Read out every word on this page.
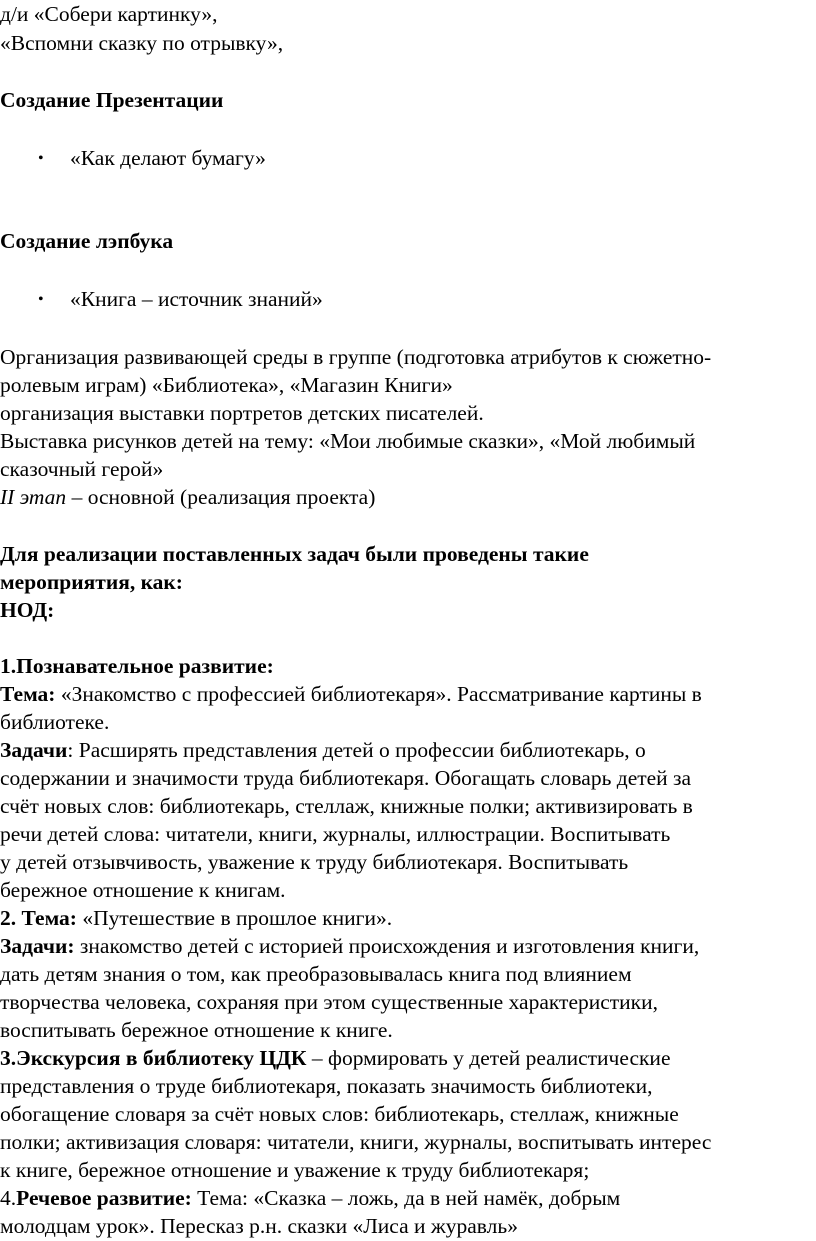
д/и «Собери картинку»,
«Вспомни сказку по отрывку»,
Создание Презентации
• «Как делают бумагу»
Создание лэпбука
• «Книга – источник знаний»
Организация развивающей среды в группе (подготовка атрибутов к сюжетно-
ролевым играм) «Библиотека», «Магазин Книги»
организация выставки портретов детских писателей.
Выставка рисунков детей на тему: «Мои любимые сказки», «Мой любимый
сказочный герой»
II этап – основной (реализация проекта)
Для реализации поставленных задач были проведены такие
мероприятия, как:
НОД:
1.Познавательное развитие:
Тема: «Знакомство с профессией библиотекаря». Рассматривание картины в
библиотеке.
Задачи: Расширять представления детей о профессии библиотекарь, о
содержании и значимости труда библиотекаря. Обогащать словарь детей за
счёт новых слов: библиотекарь, стеллаж, книжные полки; активизировать в
речи детей слова: читатели, книги, журналы, иллюстрации. Воспитывать
у детей отзывчивость, уважение к труду библиотекаря. Воспитывать
бережное отношение к книгам.
2. Тема: «Путешествие в прошлое книги».
Задачи: знакомство детей с историей происхождения и изготовления книги,
дать детям знания о том, как преобразовывалась книга под влиянием
творчества человека, сохраняя при этом существенные характеристики,
воспитывать бережное отношение к книге.
3.Экскурсия в библиотеку ЦДК – формировать у детей реалистические
представления о труде библиотекаря, показать значимость библиотеки,
обогащение словаря за счёт новых слов: библиотекарь, стеллаж, книжные
полки; активизация словаря: читатели, книги, журналы, воспитывать интерес
к книге, бережное отношение и уважение к труду библиотекаря;
4.Речевое развитие: Тема: «Сказка – ложь, да в ней намёк, добрым
молодцам урок». Пересказ р.н. сказки «Лиса и журавль»
